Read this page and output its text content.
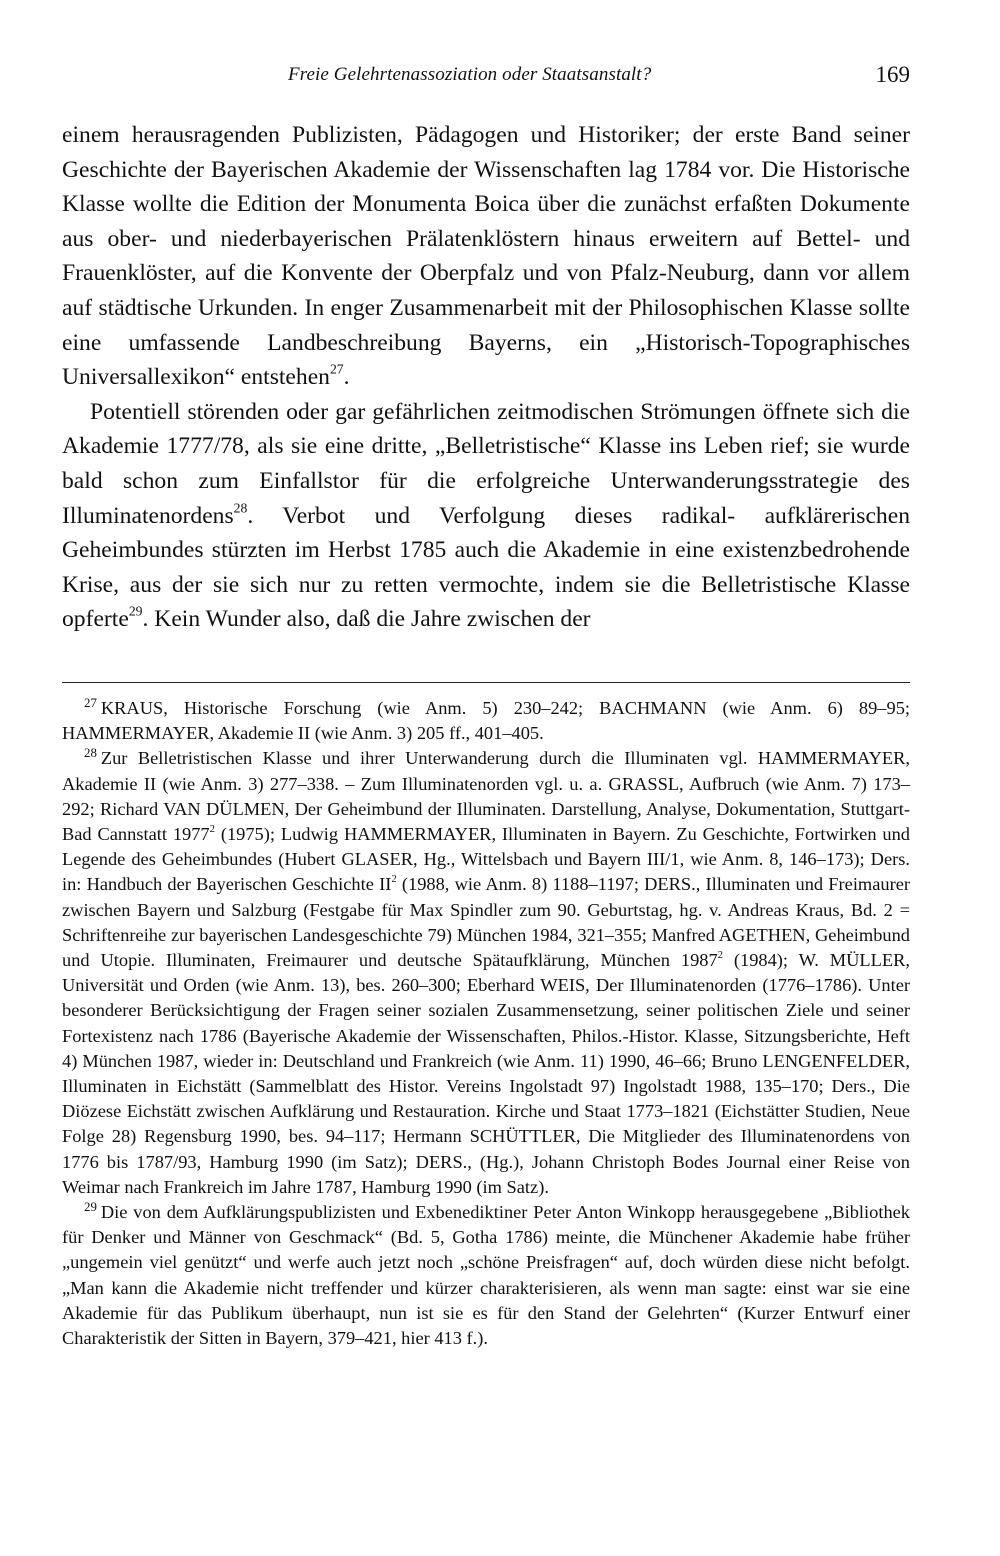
Freie Gelehrtenassoziation oder Staatsanstalt?	169

einem herausragenden Publizisten, Pädagogen und Historiker; der erste Band seiner Geschichte der Bayerischen Akademie der Wissenschaften lag 1784 vor. Die Historische Klasse wollte die Edition der Monumenta Boica über die zunächst erfaßten Dokumente aus ober- und niederbayerischen Prälatenklöstern hinaus erweitern auf Bettel- und Frauenklöster, auf die Konvente der Oberpfalz und von Pfalz-Neuburg, dann vor allem auf städtische Urkunden. In enger Zusammenarbeit mit der Philosophischen Klasse sollte eine umfassende Landbeschreibung Bayerns, ein „Historisch-Topographisches Universallexikon“ entstehen$^{27}$.

Potentiell störenden oder gar gefährlichen zeitmodischen Strömungen öffnete sich die Akademie 1777/78, als sie eine dritte, „Belletristische“ Klasse ins Leben rief; sie wurde bald schon zum Einfallstor für die erfolgreiche Unterwanderungsstrategie des Illuminatenordens$^{28}$. Verbot und Verfolgung dieses radikal- aufklärerischen Geheimbundes stürzten im Herbst 1785 auch die Akademie in eine existenzbedrohende Krise, aus der sie sich nur zu retten vermochte, indem sie die Belletristische Klasse opferte$^{29}$. Kein Wunder also, daß die Jahre zwischen der

$^{27}$ KRAUS, Historische Forschung (wie Anm. 5) 230–242; BACHMANN (wie Anm. 6) 89–95; HAMMERMAYER, Akademie II (wie Anm. 3) 205 ff., 401–405.

$^{28}$ Zur Belletristischen Klasse und ihrer Unterwanderung durch die Illuminaten vgl. HAMMERMAYER, Akademie II (wie Anm. 3) 277–338. – Zum Illuminatenorden vgl. u. a. GRASSL, Aufbruch (wie Anm. 7) 173–292; Richard VAN DÜLMEN, Der Geheimbund der Illuminaten. Darstellung, Analyse, Dokumentation, Stuttgart-Bad Cannstatt 1977$^2$ (1975); Ludwig HAMMERMAYER, Illuminaten in Bayern. Zu Geschichte, Fortwirken und Legende des Geheimbundes (Hubert GLASER, Hg., Wittelsbach und Bayern III/1, wie Anm. 8, 146–173); Ders. in: Handbuch der Bayerischen Geschichte $II^2$ (1988, wie Anm. 8) 1188–1197; DERS., Illuminaten und Freimaurer zwischen Bayern und Salzburg (Festgabe für Max Spindler zum 90. Geburtstag, hg. v. Andreas Kraus, Bd. 2 = Schriftenreihe zur bayerischen Landesgeschichte 79) München 1984, 321–355; Manfred AGETHEN, Geheimbund und Utopie. Illuminaten, Freimaurer und deutsche Spätaufklärung, München 1987$^2$ (1984); W. MÜLLER, Universität und Orden (wie Anm. 13), bes. 260–300; Eberhard WEIS, Der Illuminatenorden (1776–1786). Unter besonderer Berücksichtigung der Fragen seiner sozialen Zusammensetzung, seiner politischen Ziele und seiner Fortexistenz nach 1786 (Bayerische Akademie der Wissenschaften, Philos.-Histor. Klasse, Sitzungsberichte, Heft 4) München 1987, wieder in: Deutschland und Frankreich (wie Anm. 11) 1990, 46–66; Bruno LENGENFELDER, Illuminaten in Eichstätt (Sammelblatt des Histor. Vereins Ingolstadt 97) Ingolstadt 1988, 135–170; Ders., Die Diözese Eichstätt zwischen Aufklärung und Restauration. Kirche und Staat 1773–1821 (Eichstätter Studien, Neue Folge 28) Regensburg 1990, bes. 94–117; Hermann SCHÜTTLER, Die Mitglieder des Illuminatenordens von 1776 bis 1787/93, Hamburg 1990 (im Satz); DERS., (Hg.), Johann Christoph Bodes Journal einer Reise von Weimar nach Frankreich im Jahre 1787, Hamburg 1990 (im Satz).

$^{29}$ Die von dem Aufklärungspublizisten und Exbenediktiner Peter Anton Winkopp herausgegebene „Bibliothek für Denker und Männer von Geschmack“ (Bd. 5, Gotha 1786) meinte, die Münchener Akademie habe früher „ungemein viel genützt“ und werfe auch jetzt noch „schöne Preisfragen“ auf, doch würden diese nicht befolgt. „Man kann die Akademie nicht treffender und kürzer charakterisieren, als wenn man sagte: einst war sie eine Akademie für das Publikum überhaupt, nun ist sie es für den Stand der Gelehrten“ (Kurzer Entwurf einer Charakteristik der Sitten in Bayern, 379–421, hier 413 f.).
